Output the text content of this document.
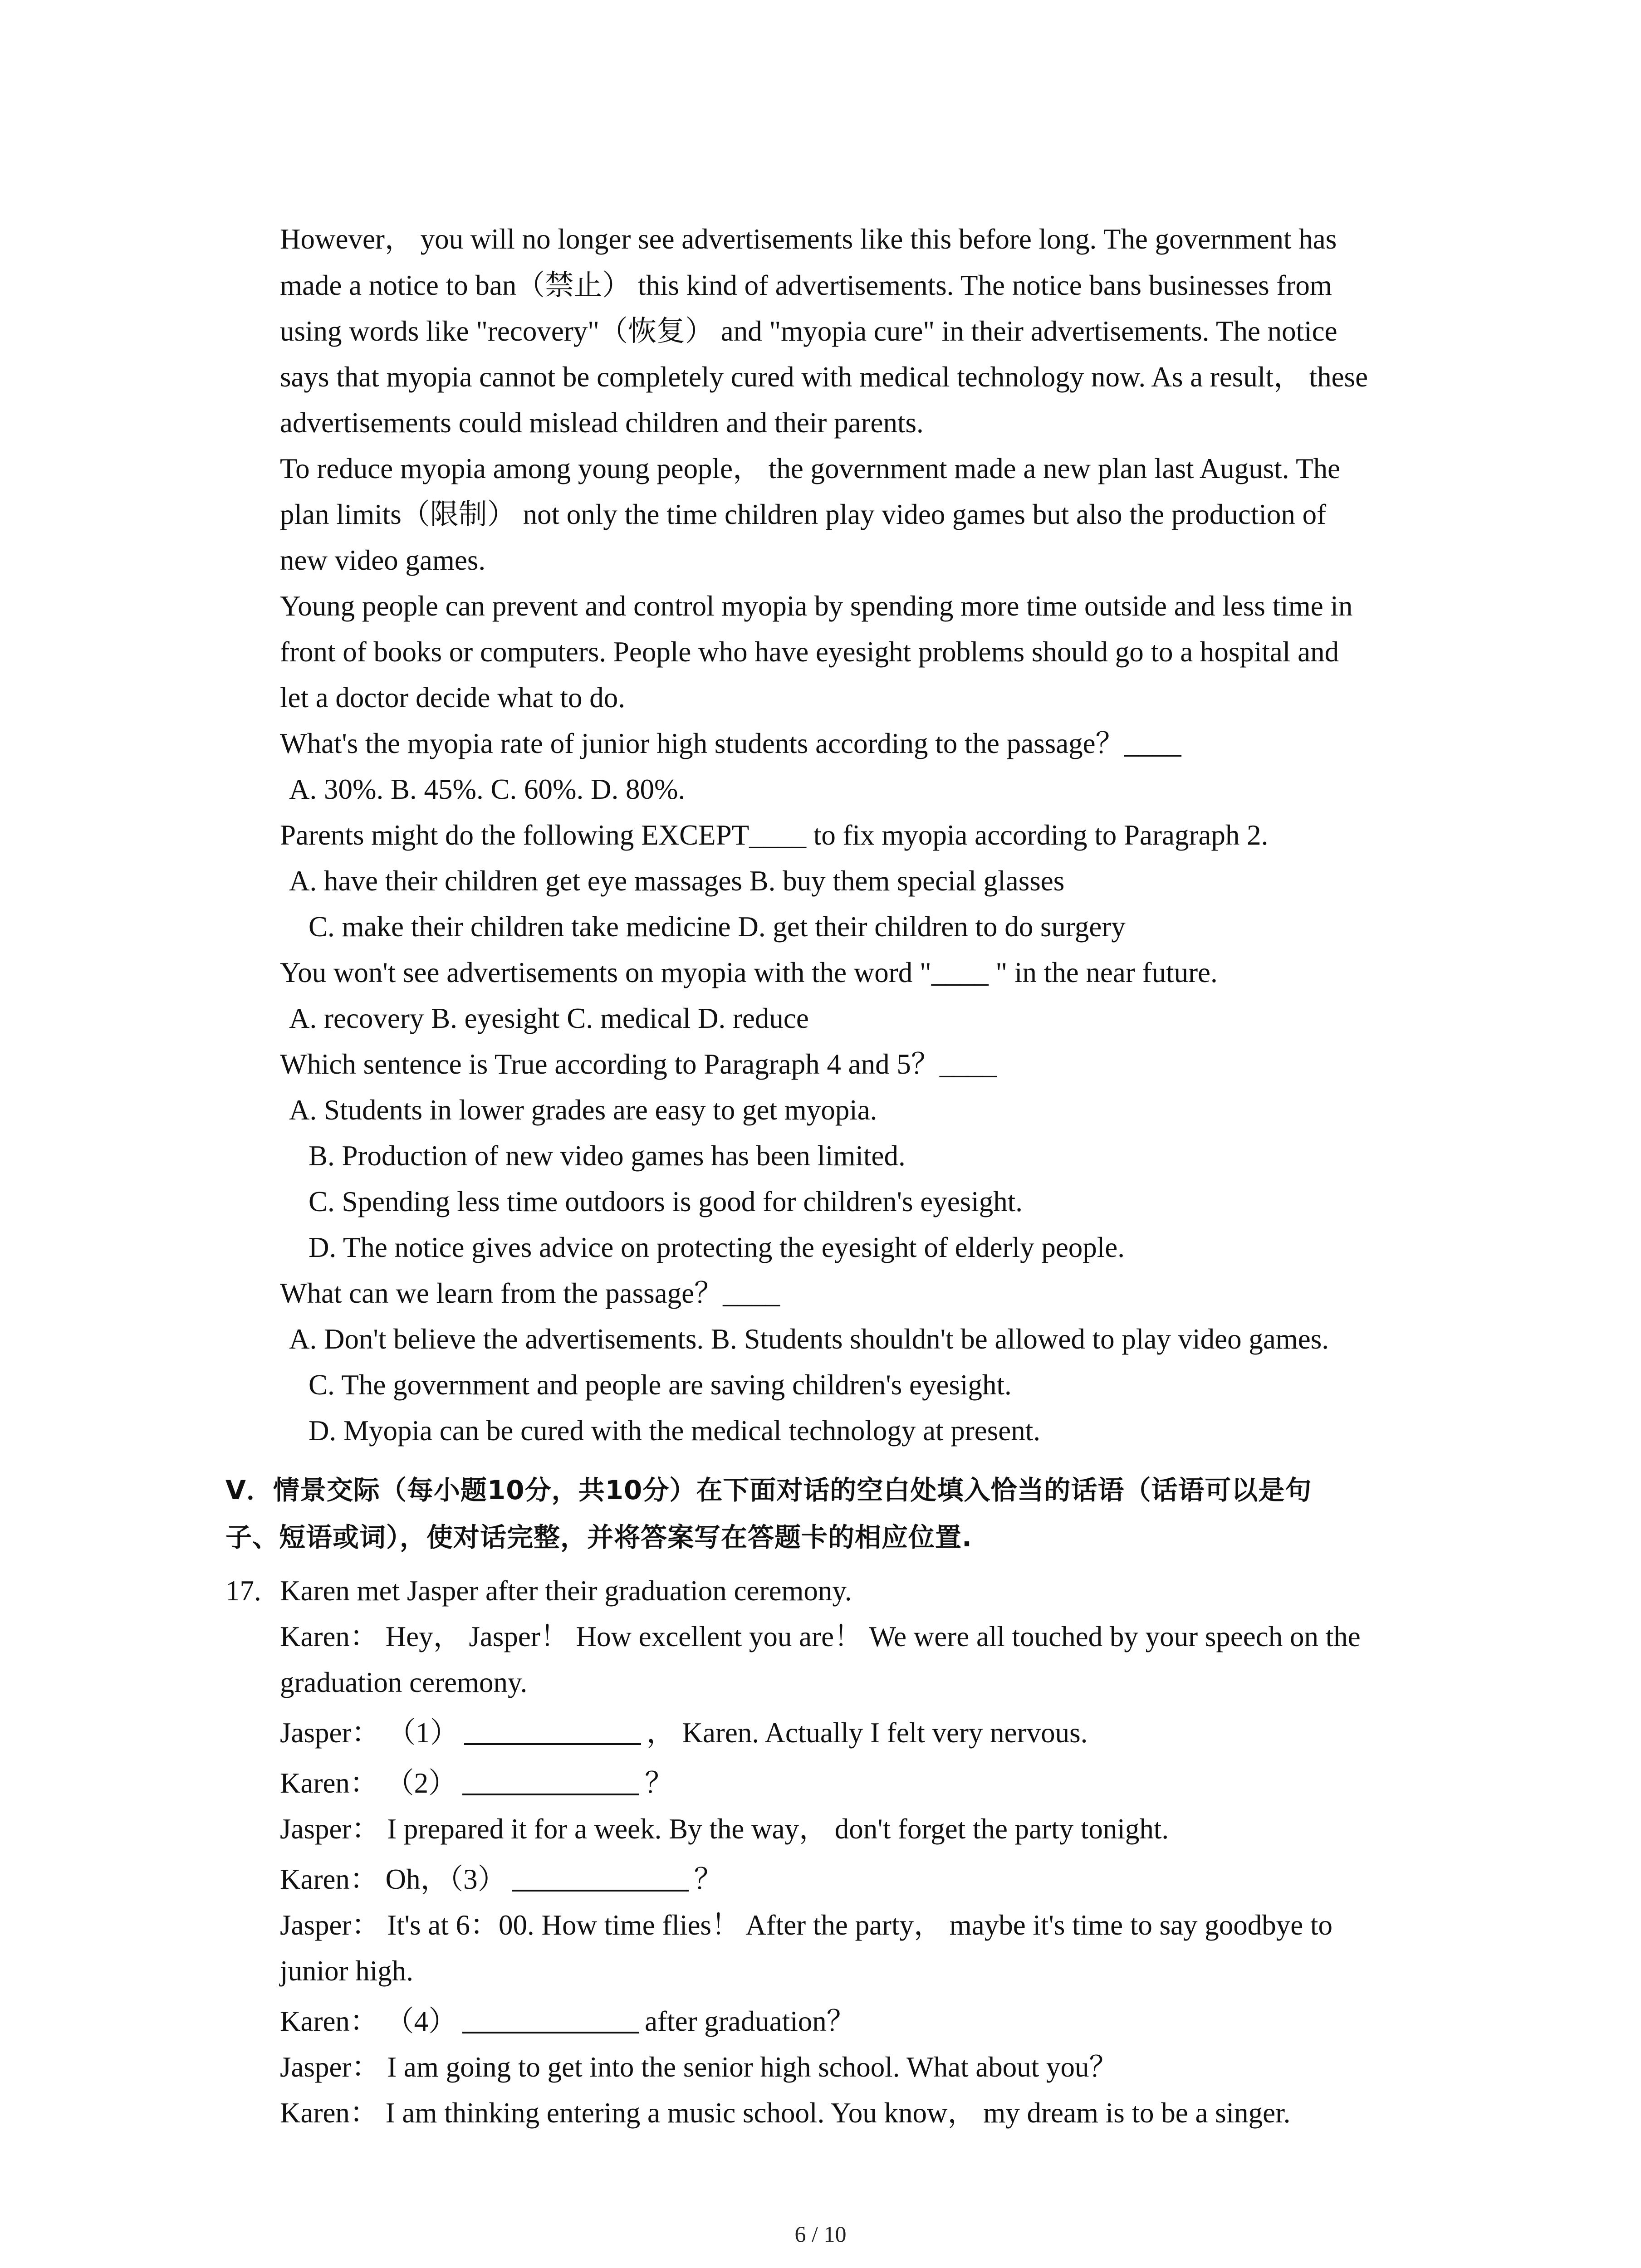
However， you will no longer see advertisements like this before long. The government has
made a notice to ban（禁止） this kind of advertisements. The notice bans businesses from
using words like "recovery"（恢复） and "myopia cure" in their advertisements. The notice
says that myopia cannot be completely cured with medical technology now. As a result， these
advertisements could mislead children and their parents.
To reduce myopia among young people， the government made a new plan last August. The
plan limits（限制） not only the time children play video games but also the production of
new video games.
Young people can prevent and control myopia by spending more time outside and less time in
front of books or computers. People who have eyesight problems should go to a hospital and
let a doctor decide what to do.
What's the myopia rate of junior high students according to the passage？____
A. 30%. B. 45%. C. 60%. D. 80%.
Parents might do the following EXCEPT____ to fix myopia according to Paragraph 2.
A. have their children get eye massages B. buy them special glasses
C. make their children take medicine D. get their children to do surgery
You won't see advertisements on myopia with the word "____ " in the near future.
A. recovery B. eyesight C. medical D. reduce
Which sentence is True according to Paragraph 4 and 5？____
A. Students in lower grades are easy to get myopia.
B. Production of new video games has been limited.
C. Spending less time outdoors is good for children's eyesight.
D. The notice gives advice on protecting the eyesight of elderly people.
What can we learn from the passage？____
A. Don't believe the advertisements. B. Students shouldn't be allowed to play video games.
C. The government and people are saving children's eyesight.
D. Myopia can be cured with the medical technology at present.
Ⅴ．情景交际（每小题10分，共10分）在下面对话的空白处填入恰当的话语（话语可以是句
子、短语或词），使对话完整，并将答案写在答题卡的相应位置.
17. Karen met Jasper after their graduation ceremony.
Karen： Hey， Jasper！ How excellent you are！ We were all touched by your speech on the
graduation ceremony.
Jasper： （1）	， Karen. Actually I felt very nervous.
Karen： （2）	？
Jasper： I prepared it for a week. By the way， don't forget the party tonight.
Karen： Oh，（3）	？
Jasper： It's at 6：00. How time flies！ After the party， maybe it's time to say goodbye to
junior high.
Karen： （4）	after graduation？
Jasper： I am going to get into the senior high school. What about you？
Karen： I am thinking entering a music school. You know， my dream is to be a singer.
6 / 10
